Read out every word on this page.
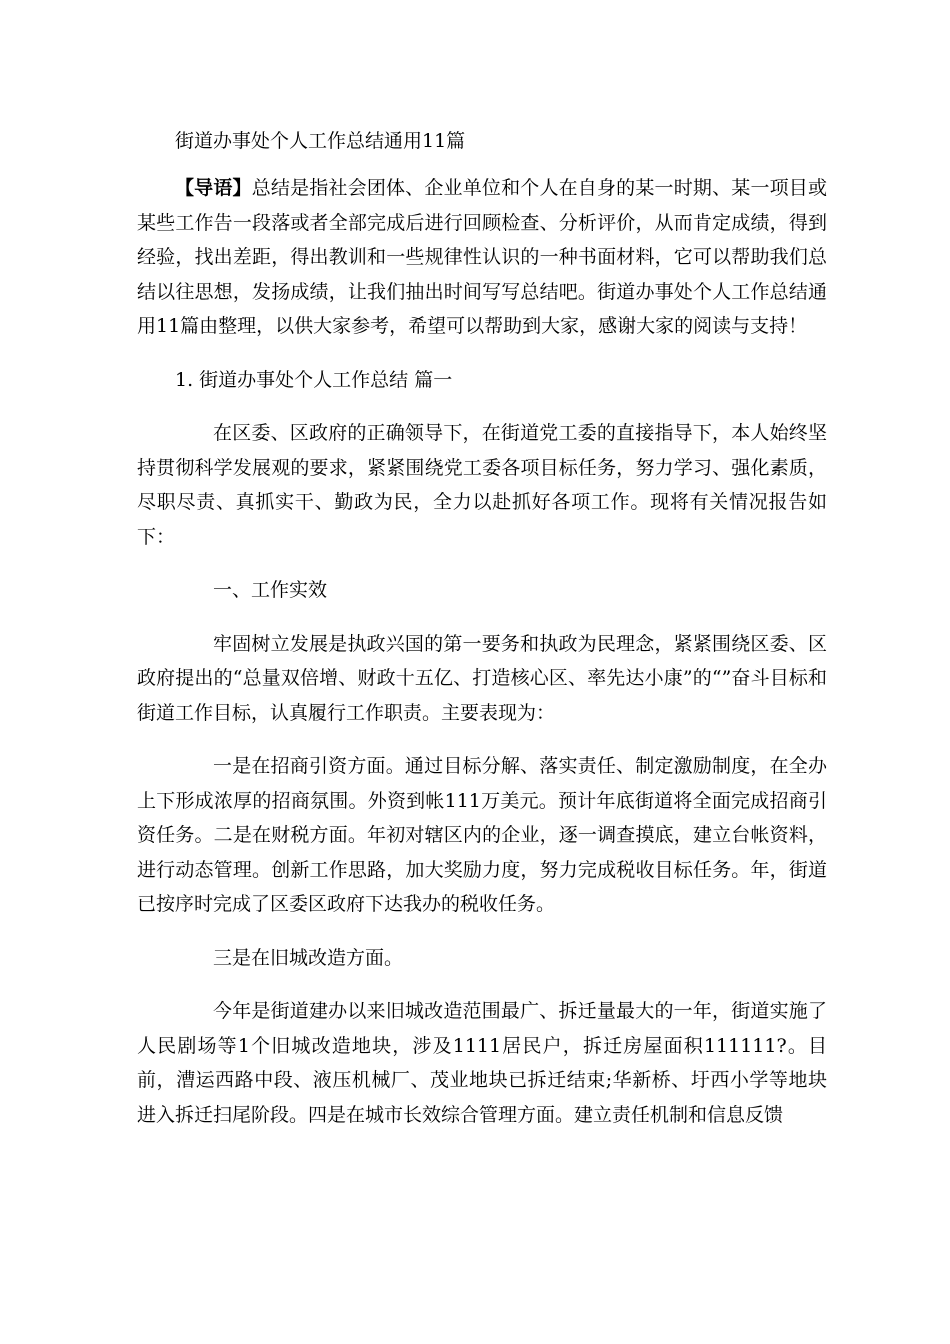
街道办事处个人工作总结通用11篇

【导语】总结是指社会团体、企业单位和个人在自身的某一时期、某一项目或某些工作告一段落或者全部完成后进行回顾检查、分析评价，从而肯定成绩，得到经验，找出差距，得出教训和一些规律性认识的一种书面材料，它可以帮助我们总结以往思想，发扬成绩，让我们抽出时间写写总结吧。街道办事处个人工作总结通用11篇由整理，以供大家参考，希望可以帮助到大家，感谢大家的阅读与支持！

1. 街道办事处个人工作总结 篇一

在区委、区政府的正确领导下，在街道党工委的直接指导下，本人始终坚持贯彻科学发展观的要求，紧紧围绕党工委各项目标任务，努力学习、强化素质，尽职尽责、真抓实干、勤政为民，全力以赴抓好各项工作。现将有关情况报告如下：

一、工作实效

牢固树立发展是执政兴国的第一要务和执政为民理念，紧紧围绕区委、区政府提出的“总量双倍增、财政十五亿、打造核心区、率先达小康”的“”奋斗目标和街道工作目标，认真履行工作职责。主要表现为：

一是在招商引资方面。通过目标分解、落实责任、制定激励制度，在全办上下形成浓厚的招商氛围。外资到帐111万美元。预计年底街道将全面完成招商引资任务。二是在财税方面。年初对辖区内的企业，逐一调查摸底，建立台帐资料，进行动态管理。创新工作思路，加大奖励力度，努力完成税收目标任务。年，街道已按序时完成了区委区政府下达我办的税收任务。

三是在旧城改造方面。

今年是街道建办以来旧城改造范围最广、拆迁量最大的一年，街道实施了人民剧场等1个旧城改造地块，涉及1111居民户，拆迁房屋面积111111?。目前，漕运西路中段、液压机械厂、茂业地块已拆迁结束;华新桥、圩西小学等地块进入拆迁扫尾阶段。四是在城市长效综合管理方面。建立责任机制和信息反馈
